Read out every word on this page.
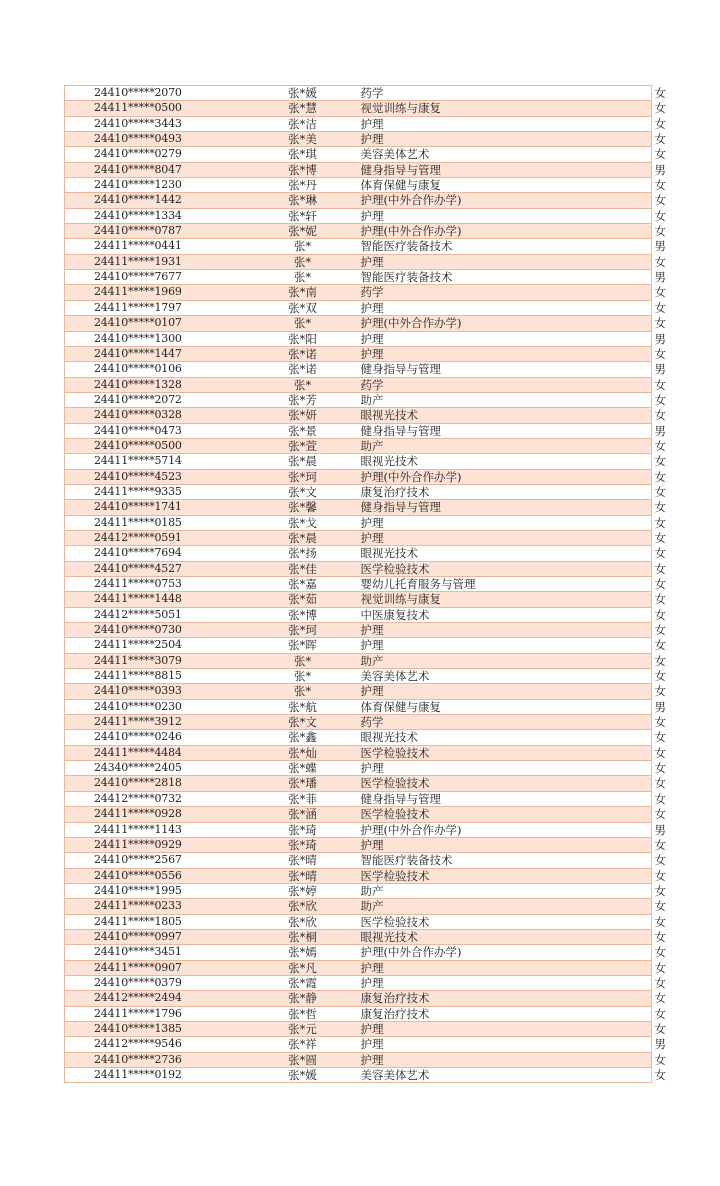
24410*****2070	张*媛	药学	女
24411*****0500	张*慧	视觉训练与康复	女
24410*****3443	张*洁	护理	女
24410*****0493	张*美	护理	女
24410*****0279	张*琪	美容美体艺术	女
24410*****8047	张*博	健身指导与管理	男
24410*****1230	张*丹	体育保健与康复	女
24410*****1442	张*琳	护理(中外合作办学)	女
24410*****1334	张*轩	护理	女
24410*****0787	张*妮	护理(中外合作办学)	女
24411*****0441	张*	智能医疗装备技术	男
24411*****1931	张*	护理	女
24410*****7677	张*	智能医疗装备技术	男
24411*****1969	张*南	药学	女
24411*****1797	张*双	护理	女
24410*****0107	张*	护理(中外合作办学)	女
24410*****1300	张*阳	护理	男
24410*****1447	张*诺	护理	女
24410*****0106	张*诺	健身指导与管理	男
24410*****1328	张*	药学	女
24410*****2072	张*芳	助产	女
24410*****0328	张*妍	眼视光技术	女
24410*****0473	张*景	健身指导与管理	男
24410*****0500	张*萱	助产	女
24411*****5714	张*晨	眼视光技术	女
24410*****4523	张*珂	护理(中外合作办学)	女
24411*****9335	张*文	康复治疗技术	女
24410*****1741	张*馨	健身指导与管理	女
24411*****0185	张*戈	护理	女
24412*****0591	张*晨	护理	女
24410*****7694	张*扬	眼视光技术	女
24410*****4527	张*佳	医学检验技术	女
24411*****0753	张*嘉	婴幼儿托育服务与管理	女
24411*****1448	张*茹	视觉训练与康复	女
24412*****5051	张*博	中医康复技术	女
24410*****0730	张*珂	护理	女
24411*****2504	张*晖	护理	女
24411*****3079	张*	助产	女
24411*****8815	张*	美容美体艺术	女
24410*****0393	张*	护理	女
24410*****0230	张*航	体育保健与康复	男
24411*****3912	张*文	药学	女
24410*****0246	张*鑫	眼视光技术	女
24411*****4484	张*灿	医学检验技术	女
24340*****2405	张*蝶	护理	女
24410*****2818	张*璠	医学检验技术	女
24412*****0732	张*菲	健身指导与管理	女
24411*****0928	张*涵	医学检验技术	女
24411*****1143	张*琦	护理(中外合作办学)	男
24411*****0929	张*琦	护理	女
24410*****2567	张*晴	智能医疗装备技术	女
24410*****0556	张*晴	医学检验技术	女
24410*****1995	张*婷	助产	女
24411*****0233	张*欣	助产	女
24411*****1805	张*欣	医学检验技术	女
24410*****0997	张*桐	眼视光技术	女
24410*****3451	张*嫣	护理(中外合作办学)	女
24411*****0907	张*凡	护理	女
24410*****0379	张*霞	护理	女
24412*****2494	张*静	康复治疗技术	女
24411*****1796	张*哲	康复治疗技术	女
24410*****1385	张*元	护理	女
24412*****9546	张*祥	护理	男
24410*****2736	张*圆	护理	女
24411*****0192	张*媛	美容美体艺术	女
